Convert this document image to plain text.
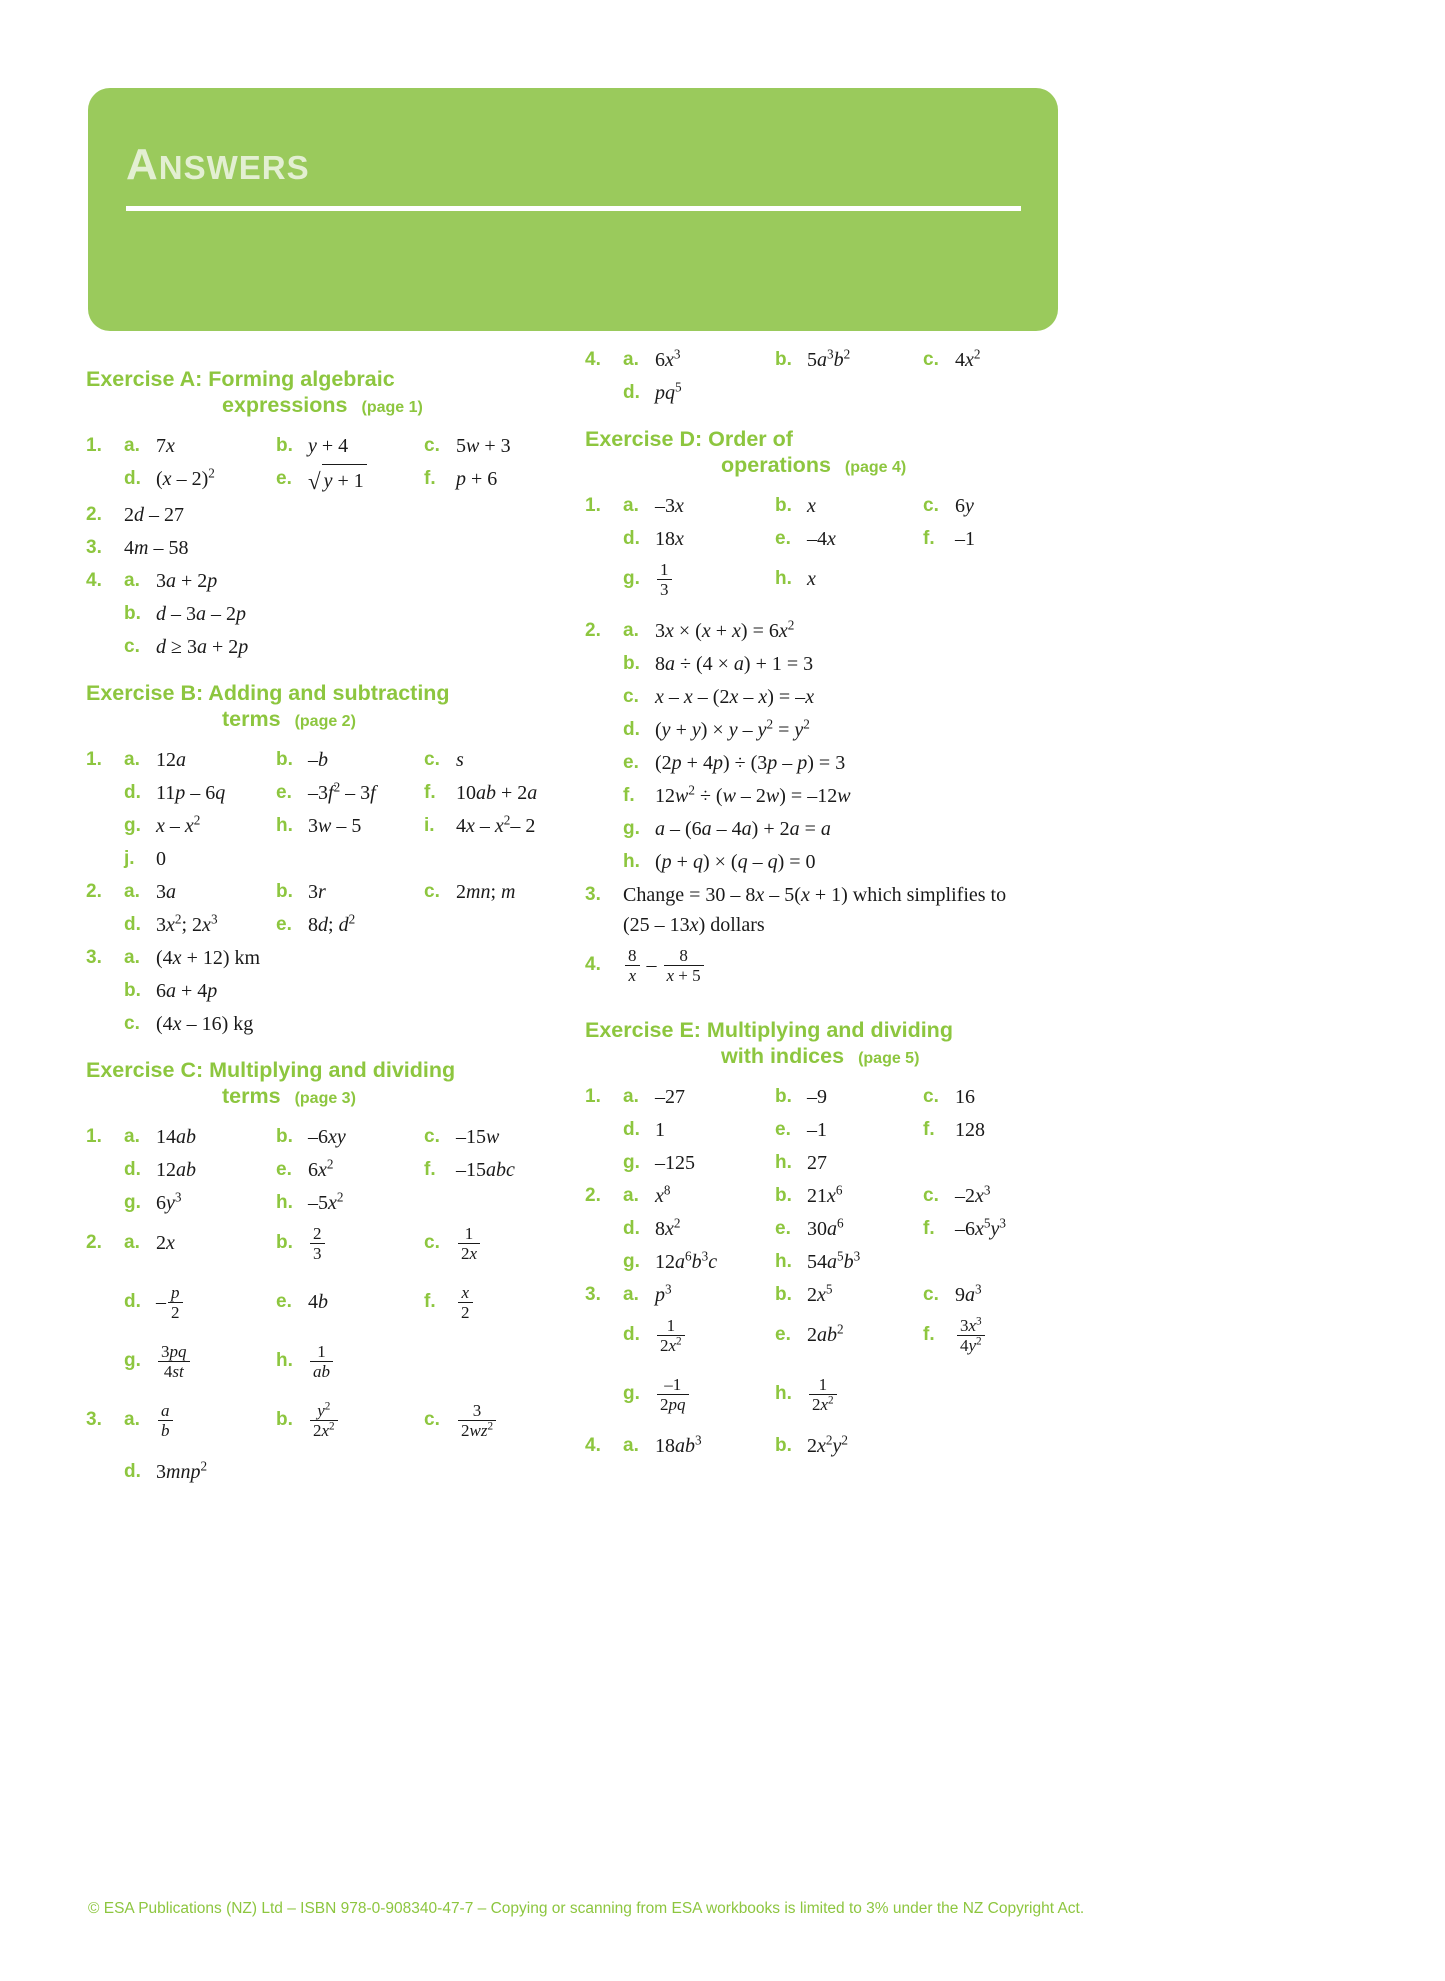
ANSWERS
Exercise A: Forming algebraic
expressions (page 1)
1.	a. 7x	b. y + 4	c. 5w + 3
d. (x – 2)$^2$	e. √ y + 1	f.	p + 6
2.	2d – 27
3.	4m – 58
4.	a. 3a + 2p
b. d – 3a – 2p
c. d ≥ 3a + 2p
Exercise B: Adding and subtracting
terms (page 2)
1.	a. 12a	b. –b	c. s
d. 11p – 6q	e. $-3f^2 - 3f$	f.	10ab + 2a
g. x – $x^2$	h. 3w – 5	i.	$4x - x^2-$ 2
j.	0
2.	a. 3a	b. 3r	c. 2mn; m
d. $3x^2$; $2x^3$	e. 8d; $d^2$
3.	a. (4x + 12) km
b. 6a + 4p
c. (4x – 16) kg
Exercise C: Multiplying and dividing
terms (page 3)
1.	a. 14ab	b. –6xy	c. –15w
d. 12ab	e. $6x^2$	f.	–15abc
g. $6y^3$	h. $-5x^2$
2.	a. 2x	b.	$\frac{2}{3}$	c.	$\frac{1}{2x}$
d. – $\frac{p}{2}$	e. 4b	f.	$\frac{x}{2}$
g.	$\frac{3pq}{4st}$	h.	$\frac{1}{ab}$
3.	a.	$\frac{a}{b}$	b.	$\frac{y^2}{2x^2}$	c.	$\frac{3}{2wz^2}$
d. 3mnp$^2$
4.	a. $6x^3$	b. $5a^3b^2$	c. $4x^2$
d. $pq^5$
Exercise D: Order of
operations (page 4)
1.	a. –3x	b. x	c. 6y
d. 18x	e. –4x	f.	–1
g.	$\frac{1}{3}$	h. x
2.	a. $3x \times (x + x) = 6x^2$
b. 8a ÷ (4 × a) + 1 = 3
c. x – x – (2x – x) = –x
d. $(y + y) \times y - y^2 = y^2$
e. (2p + 4p) ÷ (3p – p) = 3
f.	$12w^2 \div (w - 2w) = -12w$
g. a – (6a – 4a) + 2a = a
h. (p + q) × (q – q) = 0
3.	Change = 30 – 8x – 5(x + 1) which simplifies to
(25 – 13x) dollars
4.	$\frac{8}{x} - \frac{8}{x + 5}$
Exercise E: Multiplying and dividing
with indices (page 5)
1.	a. –27	b. –9	c. 16
d. 1	e. –1	f.	128
g. –125	h. 27
2.	a. $x^8$	b. $21x^6$	c. $-2x^3$
d. $8x^2$	e. $30a^6$	f.	$-6x^5y^3$
g. $12a^6b^3c$	h. $54a^5b^3$
3.	a. $p^3$	b. $2x^5$	c. $9a^3$
d.	$\frac{1}{2x^2}$	e. $2ab^2$	f.	$\frac{3x^3}{4y^2}$
g.	$\frac{-1}{2pq}$	h.	$\frac{1}{2x^2}$
4.	a. $18ab^3$	b. $2x^2y^2$
© ESA Publications (NZ) Ltd – ISBN 978-0-908340-47-7 – Copying or scanning from ESA workbooks is limited to 3% under the NZ Copyright Act.
